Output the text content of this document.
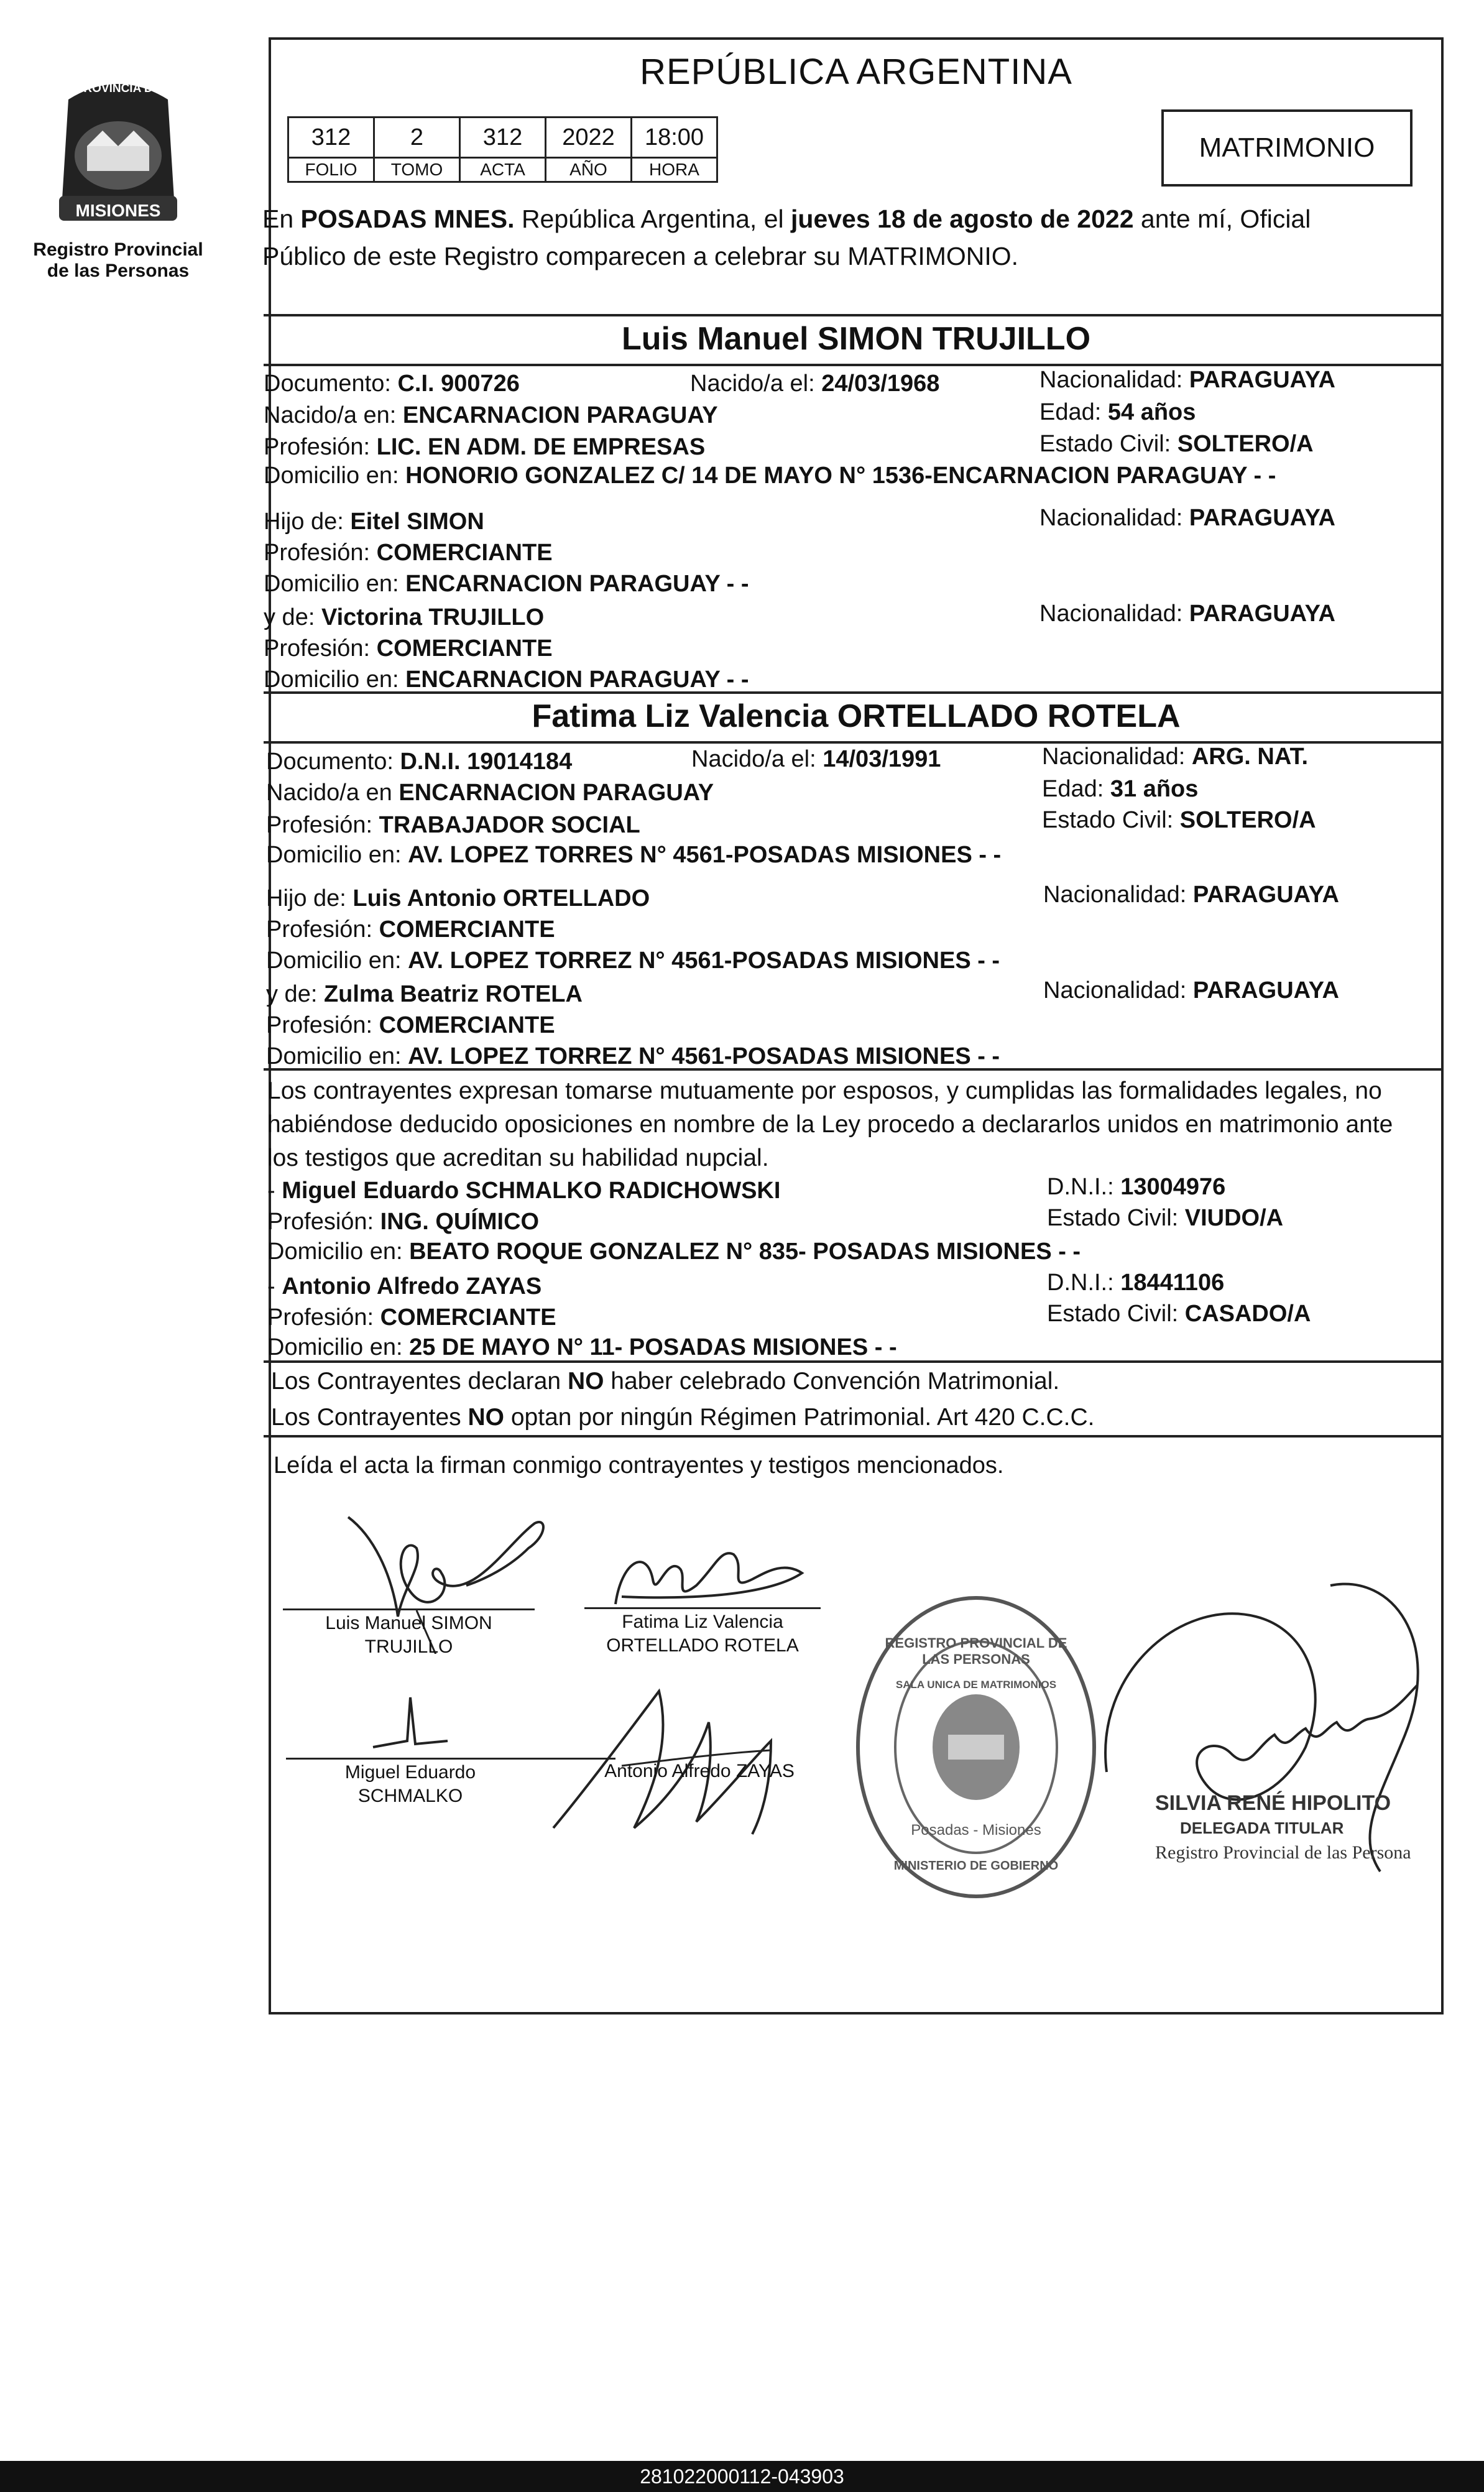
PROVINCIA DE
MISIONES
Registro Provincial
de las Personas
REPÚBLICA ARGENTINA
312	2	312	2022	18:00
FOLIO	TOMO	ACTA	AÑO	HORA
MATRIMONIO
En POSADAS MNES. República Argentina, el jueves 18 de agosto de 2022 ante mí, Oficial
Público de este Registro comparecen a celebrar su MATRIMONIO.
Luis Manuel SIMON TRUJILLO
Documento: C.I. 900726	Nacido/a el: 24/03/1968	Nacionalidad: PARAGUAYA
Nacido/a en: ENCARNACION PARAGUAY	Edad: 54 años
Profesión: LIC. EN ADM. DE EMPRESAS	Estado Civil: SOLTERO/A
Domicilio en: HONORIO GONZALEZ C/ 14 DE MAYO N° 1536-ENCARNACION PARAGUAY - -
Hijo de: Eitel SIMON	Nacionalidad: PARAGUAYA
Profesión: COMERCIANTE
Domicilio en: ENCARNACION PARAGUAY - -
y de: Victorina TRUJILLO	Nacionalidad: PARAGUAYA
Profesión: COMERCIANTE
Domicilio en: ENCARNACION PARAGUAY - -
Fatima Liz Valencia ORTELLADO ROTELA
Documento: D.N.I. 19014184	Nacido/a el: 14/03/1991	Nacionalidad: ARG. NAT.
Nacido/a en ENCARNACION PARAGUAY	Edad: 31 años
Profesión: TRABAJADOR SOCIAL	Estado Civil: SOLTERO/A
Domicilio en: AV. LOPEZ TORRES N° 4561-POSADAS MISIONES - -
Hijo de: Luis Antonio ORTELLADO	Nacionalidad: PARAGUAYA
Profesión: COMERCIANTE
Domicilio en: AV. LOPEZ TORREZ N° 4561-POSADAS MISIONES - -
y de: Zulma Beatriz ROTELA	Nacionalidad: PARAGUAYA
Profesión: COMERCIANTE
Domicilio en: AV. LOPEZ TORREZ N° 4561-POSADAS MISIONES - -
Los contrayentes expresan tomarse mutuamente por esposos, y cumplidas las formalidades legales, no
habiéndose deducido oposiciones en nombre de la Ley procedo a declararlos unidos en matrimonio ante
los testigos que acreditan su habilidad nupcial.
- Miguel Eduardo SCHMALKO RADICHOWSKI	D.N.I.: 13004976
Profesión: ING. QUÍMICO	Estado Civil: VIUDO/A
Domicilio en: BEATO ROQUE GONZALEZ N° 835- POSADAS MISIONES - -
- Antonio Alfredo ZAYAS	D.N.I.: 18441106
Profesión: COMERCIANTE	Estado Civil: CASADO/A
Domicilio en: 25 DE MAYO N° 11- POSADAS MISIONES - -
Los Contrayentes declaran NO haber celebrado Convención Matrimonial.
Los Contrayentes NO optan por ningún Régimen Patrimonial. Art 420 C.C.C.
Leída el acta la firman conmigo contrayentes y testigos mencionados.
Luis Manuel SIMON
TRUJILLO
Fatima Liz Valencia
ORTELLADO ROTELA
Miguel Eduardo
SCHMALKO
Antonio Alfredo ZAYAS
REGISTRO PROVINCIAL DE LAS PERSONAS
SALA UNICA DE MATRIMONIOS
Posadas - Misiones
MINISTERIO DE GOBIERNO
SILVIA RENÉ HIPOLITO
DELEGADA TITULAR
Registro Provincial de las Persona
281022000112-043903
